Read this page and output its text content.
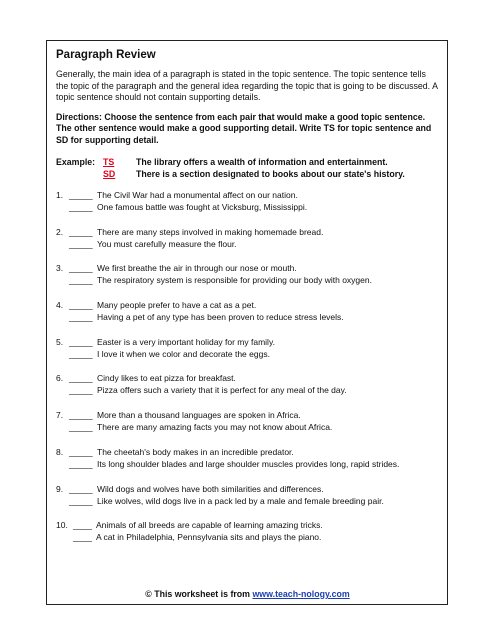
Paragraph Review

Generally, the main idea of a paragraph is stated in the topic sentence. The topic sentence tells the topic of the paragraph and the general idea regarding the topic that is going to be discussed. A topic sentence should not contain supporting details.

Directions: Choose the sentence from each pair that would make a good topic sentence. The other sentence would make a good supporting detail. Write TS for topic sentence and SD for supporting detail.

Example: TS	The library offers a wealth of information and entertainment.
SD	There is a section designated to books about our state's history.
1. _____ The Civil War had a monumental affect on our nation.
_____ One famous battle was fought at Vicksburg, Mississippi.
2. _____ There are many steps involved in making homemade bread.
_____ You must carefully measure the flour.
3. _____ We first breathe the air in through our nose or mouth.
_____ The respiratory system is responsible for providing our body with oxygen.
4. _____ Many people prefer to have a cat as a pet.
_____ Having a pet of any type has been proven to reduce stress levels.
5. _____ Easter is a very important holiday for my family.
_____ I love it when we color and decorate the eggs.
6. _____ Cindy likes to eat pizza for breakfast.
_____ Pizza offers such a variety that it is perfect for any meal of the day.
7. _____ More than a thousand languages are spoken in Africa.
_____ There are many amazing facts you may not know about Africa.
8. _____ The cheetah's body makes in an incredible predator.
_____ Its long shoulder blades and large shoulder muscles provides long, rapid strides.
9. _____ Wild dogs and wolves have both similarities and differences.
_____ Like wolves, wild dogs live in a pack led by a male and female breeding pair.
10. ____ Animals of all breeds are capable of learning amazing tricks.
____ A cat in Philadelphia, Pennsylvania sits and plays the piano.
© This worksheet is from www.teach-nology.com
